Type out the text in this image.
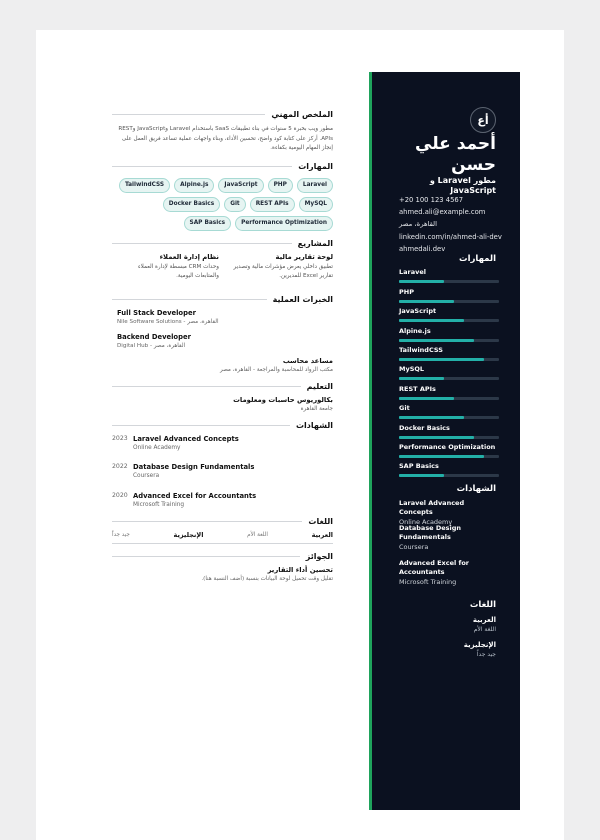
أع
أحمد علي حسن
مطور Laravel و JavaScript
+20 100 123 4567
ahmed.ali@example.com
القاهرة، مصر
linkedin.com/in/ahmed-ali-dev
ahmedali.dev
المهارات
Laravel
PHP
JavaScript
Alpine.js
TailwindCSS
MySQL
REST APIs
Git
Docker Basics
Performance Optimization
SAP Basics
الشهادات
Laravel Advanced Concepts
Online Academy
Database Design Fundamentals
Coursera
Advanced Excel for Accountants
Microsoft Training
اللغات
العربية
اللغة الأم
الإنجليزية
جيد جداً
الملخص المهني
مطور ويب بخبرة 5 سنوات في بناء تطبيقات SaaS باستخدام Laravel وJavaScript وREST APIs. أركز على كتابة كود واضح، تحسين الأداء، وبناء واجهات عملية تساعد فريق العمل على إنجاز المهام اليومية بكفاءة.
المهارات
TailwindCSS	Alpine.js	JavaScript	PHP	Laravel
Docker Basics	Git	REST APIs	MySQL
SAP Basics	Performance Optimization
المشاريع
لوحة تقارير مالية
تطبيق داخلي يعرض مؤشرات مالية وتصدير تقارير Excel للمديرين.
نظام إدارة العملاء
وحدات CRM مبسطة لإدارة العملاء والمتابعات اليومية.
الخبرات العملية
Full Stack Developer
Nile Software Solutions - القاهرة، مصر
Backend Developer
Digital Hub - القاهرة، مصر
مساعد محاسب
مكتب الرواد للمحاسبة والمراجعة - القاهرة، مصر
التعليم
بكالوريوس حاسبات ومعلومات
جامعة القاهرة
الشهادات
2023 Laravel Advanced Concepts
Online Academy
2022 Database Design Fundamentals
Coursera
2020 Advanced Excel for Accountants
Microsoft Training
اللغات
العربية
اللغة الأم
الإنجليزية
جيد جداً
الجوائز
تحسين أداء التقارير
تقليل وقت تحميل لوحة البيانات بنسبة (أضف النسبة هنا).
